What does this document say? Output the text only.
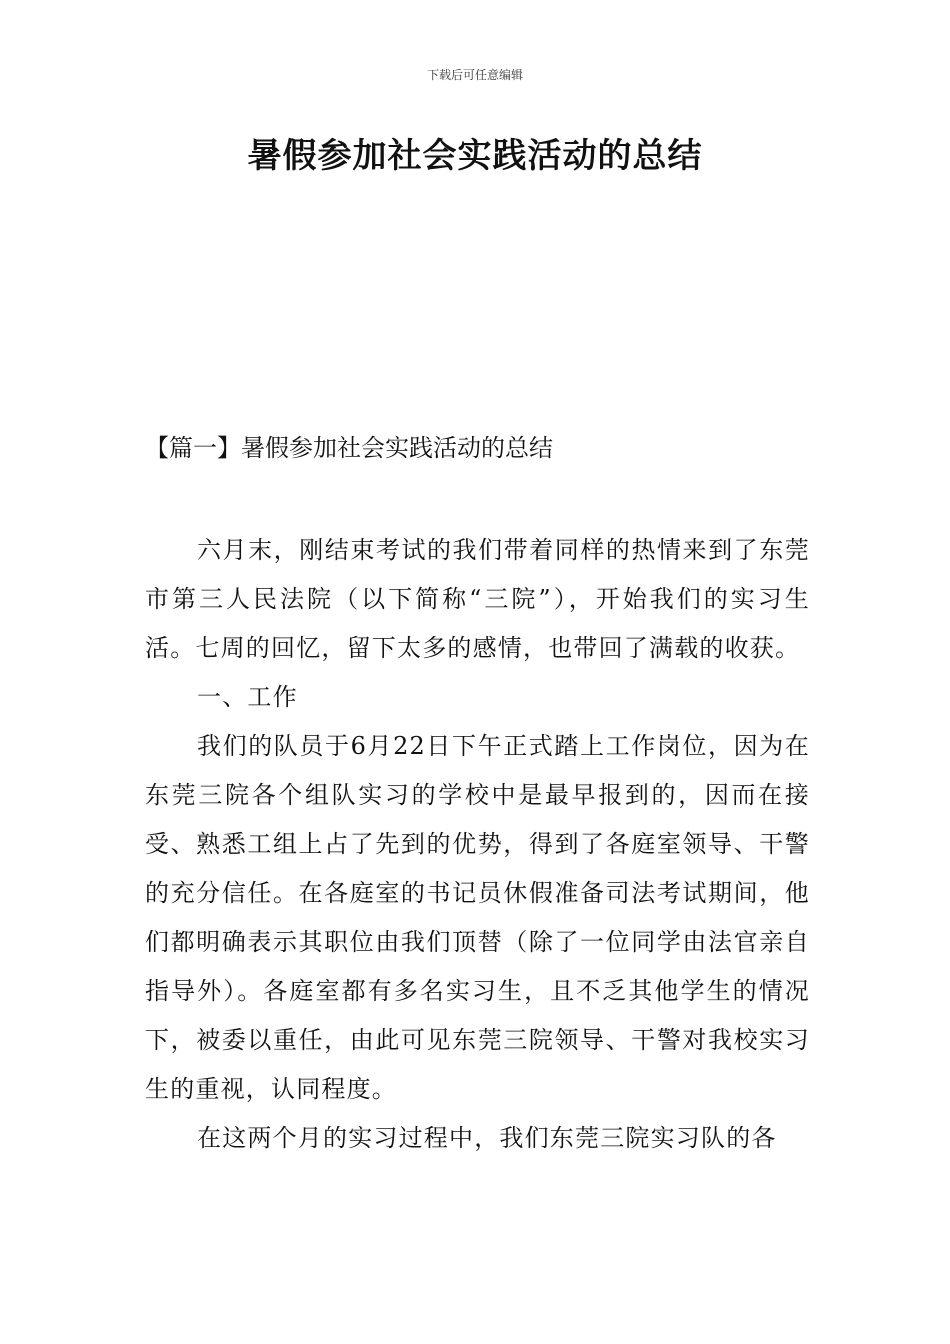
下载后可任意编辑
暑假参加社会实践活动的总结
【篇一】暑假参加社会实践活动的总结

六月末，刚结束考试的我们带着同样的热情来到了东莞市第三人民法院（以下简称“三院”），开始我们的实习生活。七周的回忆，留下太多的感情，也带回了满载的收获。

一、工作

我们的队员于6月22日下午正式踏上工作岗位，因为在东莞三院各个组队实习的学校中是最早报到的，因而在接受、熟悉工组上占了先到的优势，得到了各庭室领导、干警的充分信任。在各庭室的书记员休假准备司法考试期间，他们都明确表示其职位由我们顶替（除了一位同学由法官亲自指导外）。各庭室都有多名实习生，且不乏其他学生的情况下，被委以重任，由此可见东莞三院领导、干警对我校实习生的重视，认同程度。

在这两个月的实习过程中，我们东莞三院实习队的各
